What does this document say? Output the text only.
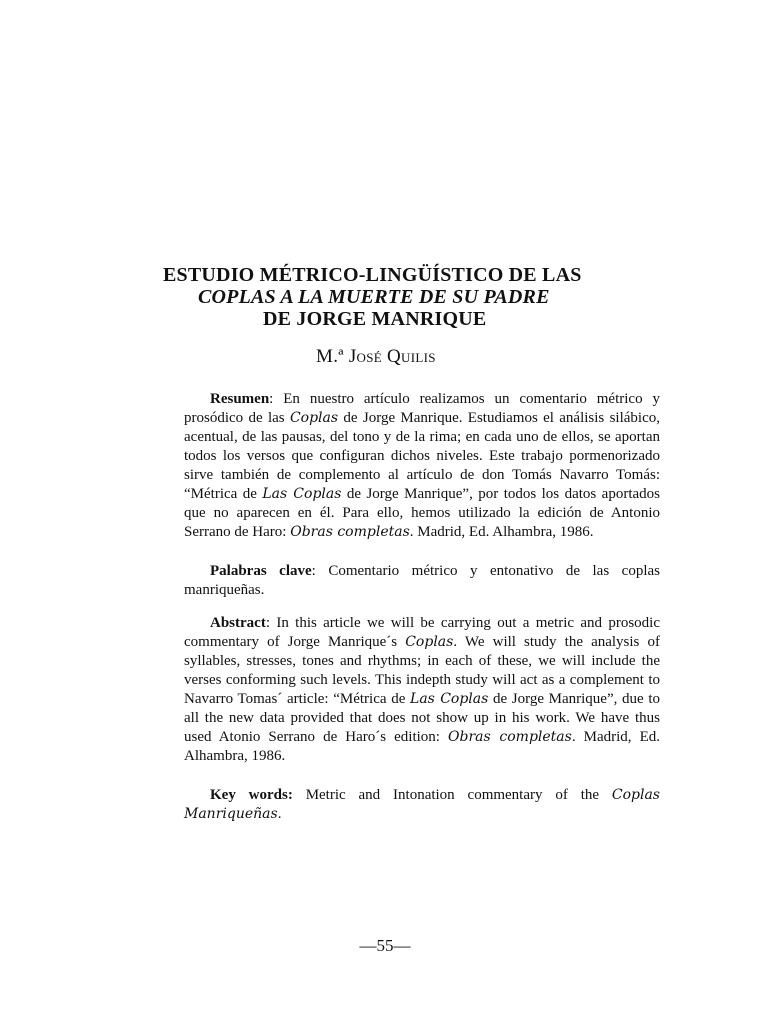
ESTUDIO MÉTRICO-LINGÜÍSTICO DE LAS
COPLAS A LA MUERTE DE SU PADRE
DE JORGE MANRIQUE
M.ª José Quilis
Resumen: En nuestro artículo realizamos un comentario métrico y prosódico de las Coplas de Jorge Manrique. Estudiamos el análisis silábico, acentual, de las pausas, del tono y de la rima; en cada uno de ellos, se aportan todos los versos que configuran dichos niveles. Este trabajo pormenorizado sirve también de complemento al artículo de don Tomás Navarro Tomás: “Métrica de Las Coplas de Jorge Manrique”, por todos los datos aportados que no aparecen en él. Para ello, hemos utilizado la edición de Antonio Serrano de Haro: Obras completas. Madrid, Ed. Alhambra, 1986.
Palabras clave: Comentario métrico y entonativo de las coplas manriqueñas.
Abstract: In this article we will be carrying out a metric and prosodic commentary of Jorge Manrique´s Coplas. We will study the analysis of syllables, stresses, tones and rhythms; in each of these, we will include the verses conforming such levels. This indepth study will act as a complement to Navarro Tomas´ article: “Métrica de Las Coplas de Jorge Manrique”, due to all the new data provided that does not show up in his work. We have thus used Atonio Serrano de Haro´s edition: Obras completas. Madrid, Ed. Alhambra, 1986.
Key words: Metric and Intonation commentary of the Coplas Manriqueñas.
—55—
